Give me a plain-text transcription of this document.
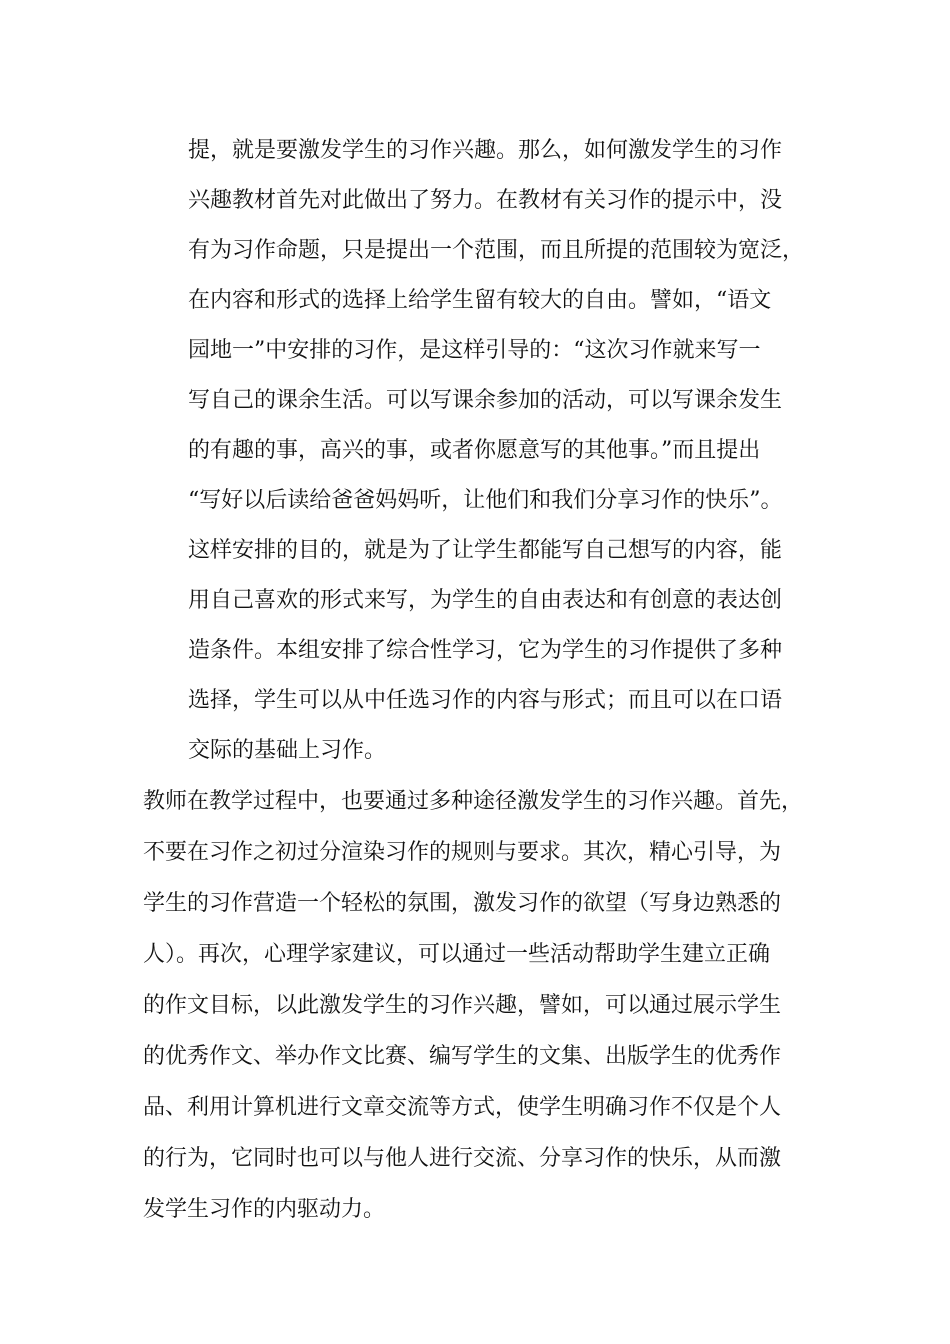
提，就是要激发学生的习作兴趣。那么，如何激发学生的习作
兴趣教材首先对此做出了努力。在教材有关习作的提示中，没
有为习作命题，只是提出一个范围，而且所提的范围较为宽泛，
在内容和形式的选择上给学生留有较大的自由。譬如，“语文
园地一”中安排的习作，是这样引导的：“这次习作就来写一
写自己的课余生活。可以写课余参加的活动，可以写课余发生
的有趣的事，高兴的事，或者你愿意写的其他事。”而且提出
“写好以后读给爸爸妈妈听，让他们和我们分享习作的快乐”。
这样安排的目的，就是为了让学生都能写自己想写的内容，能
用自己喜欢的形式来写，为学生的自由表达和有创意的表达创
造条件。本组安排了综合性学习，它为学生的习作提供了多种
选择，学生可以从中任选习作的内容与形式；而且可以在口语
交际的基础上习作。
教师在教学过程中，也要通过多种途径激发学生的习作兴趣。首先，
不要在习作之初过分渲染习作的规则与要求。其次，精心引导，为
学生的习作营造一个轻松的氛围，激发习作的欲望（写身边熟悉的
人）。再次，心理学家建议，可以通过一些活动帮助学生建立正确
的作文目标，以此激发学生的习作兴趣，譬如，可以通过展示学生
的优秀作文、举办作文比赛、编写学生的文集、出版学生的优秀作
品、利用计算机进行文章交流等方式，使学生明确习作不仅是个人
的行为，它同时也可以与他人进行交流、分享习作的快乐，从而激
发学生习作的内驱动力。
